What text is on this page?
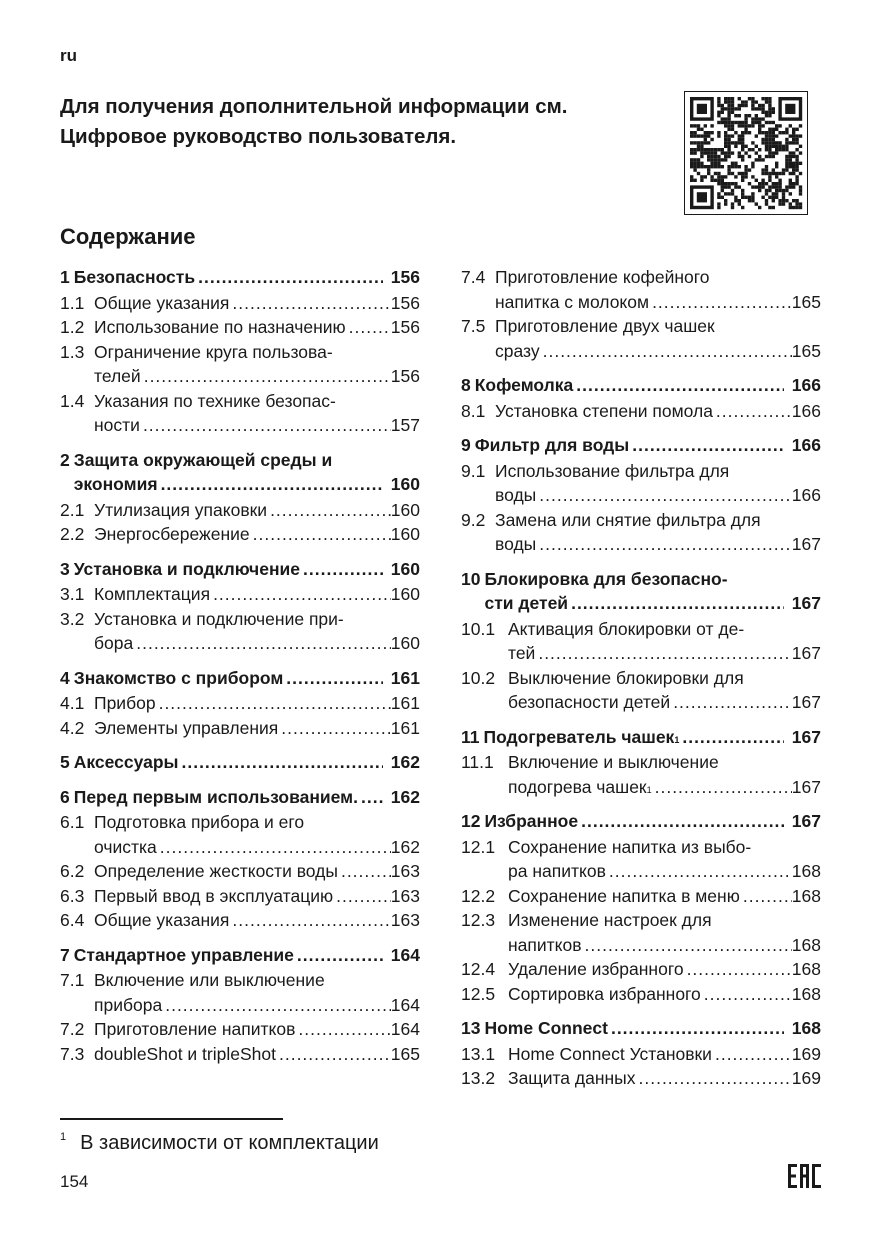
ru
Для получения дополнительной информации см.
Цифровое руководство пользователя.
Содержание
1 Безопасность .....	156
1.1 Общие указания .....	156
1.2 Использование по назначению .....	156
1.3 Ограничение круга пользова-
телей .....	156
1.4 Указания по технике безопас-
ности .....	157
2 Защита окружающей среды и
экономия .....	160
2.1 Утилизация упаковки .....	160
2.2 Энергосбережение .....	160
3 Установка и подключение .....	160
3.1 Комплектация .....	160
3.2 Установка и подключение при-
бора .....	160
4 Знакомство с прибором .....	161
4.1 Прибор .....	161
4.2 Элементы управления .....	161
5 Аксессуары .....	162
6 Перед первым использованием. .....	162
6.1 Подготовка прибора и его
очистка .....	162
6.2 Определение жесткости воды .....	163
6.3 Первый ввод в эксплуатацию .....	163
6.4 Общие указания .....	163
7 Стандартное управление .....	164
7.1 Включение или выключение
прибора .....	164
7.2 Приготовление напитков .....	164
7.3 doubleShot и tripleShot .....	165
7.4 Приготовление кофейного
напитка с молоком .....	165
7.5 Приготовление двух чашек
сразу .....	165
8 Кофемолка .....	166
8.1 Установка степени помола .....	166
9 Фильтр для воды .....	166
9.1 Использование фильтра для
воды .....	166
9.2 Замена или снятие фильтра для
воды .....	167
10 Блокировка для безопасно-
сти детей .....	167
10.1 Активация блокировки от де-
тей .....	167
10.2 Выключение блокировки для
безопасности детей .....	167
11 Подогреватель чашек 1 .....	167
11.1 Включение и выключение
подогрева чашек 1 .....	167
12 Избранное .....	167
12.1 Сохранение напитка из выбо-
ра напитков .....	168
12.2 Сохранение напитка в меню .....	168
12.3 Изменение настроек для
напитков .....	168
12.4 Удаление избранного .....	168
12.5 Сортировка избранного .....	168
13 Home Connect .....	168
13.1 Home Connect Установки .....	169
13.2 Защита данных .....	169
$^1$ В зависимости от комплектации
154
